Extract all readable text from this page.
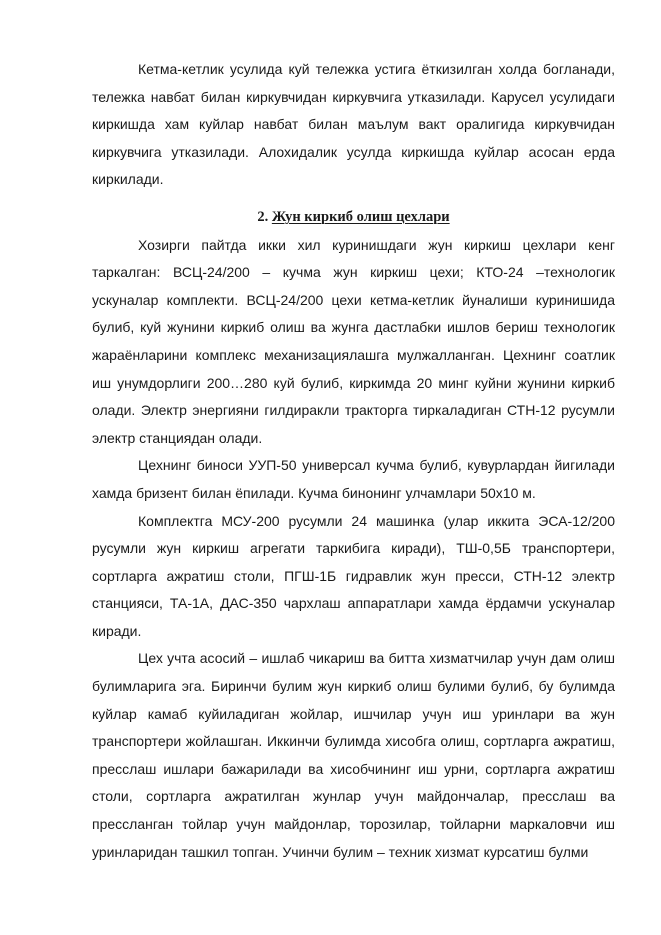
Кетма-кетлик усулида куй тележка устига ёткизилган холда богланади, тележка навбат билан киркувчидан киркувчига утказилади. Карусел усулидаги киркишда хам куйлар навбат билан маълум вакт оралигида киркувчидан киркувчига утказилади. Алохидалик усулда киркишда куйлар асосан ерда киркилади.

2. Жун киркиб олиш цехлари

Хозирги пайтда икки хил куринишдаги жун киркиш цехлари кенг таркалган: ВСЦ-24/200 – кучма жун киркиш цехи; КТО-24 –технологик ускуналар комплекти. ВСЦ-24/200 цехи кетма-кетлик йуналиши куринишида булиб, куй жунини киркиб олиш ва жунга дастлабки ишлов бериш технологик жараёнларини комплекс механизациялашга мулжалланган. Цехнинг соатлик иш унумдорлиги 200…280 куй булиб, киркимда 20 минг куйни жунини киркиб олади. Электр энергияни гилдиракли тракторга тиркаладиган СТН-12 русумли электр станциядан олади.

Цехнинг биноси УУП-50 универсал кучма булиб, кувурлардан йигилади хамда бризент билан ёпилади. Кучма бинонинг улчамлари 50х10 м.

Комплектга МСУ-200 русумли 24 машинка (улар иккита ЭСА-12/200 русумли жун киркиш агрегати таркибига киради), ТШ-0,5Б транспортери, сортларга ажратиш столи, ПГШ-1Б гидравлик жун пресси, СТН-12 электр станцияси, ТА-1А, ДАС-350 чархлаш аппаратлари хамда ёрдамчи ускуналар киради.

Цех учта асосий – ишлаб чикариш ва битта хизматчилар учун дам олиш булимларига эга. Биринчи булим жун киркиб олиш булими булиб, бу булимда куйлар камаб куйиладиган жойлар, ишчилар учун иш уринлари ва жун транспортери жойлашган. Иккинчи булимда хисобга олиш, сортларга ажратиш, пресслаш ишлари бажарилади ва хисобчининг иш урни, сортларга ажратиш столи, сортларга ажратилган жунлар учун майдончалар, пресслаш ва прессланган тойлар учун майдонлар, торозилар, тойларни маркаловчи иш уринларидан ташкил топган. Учинчи булим – техник хизмат курсатиш булми
